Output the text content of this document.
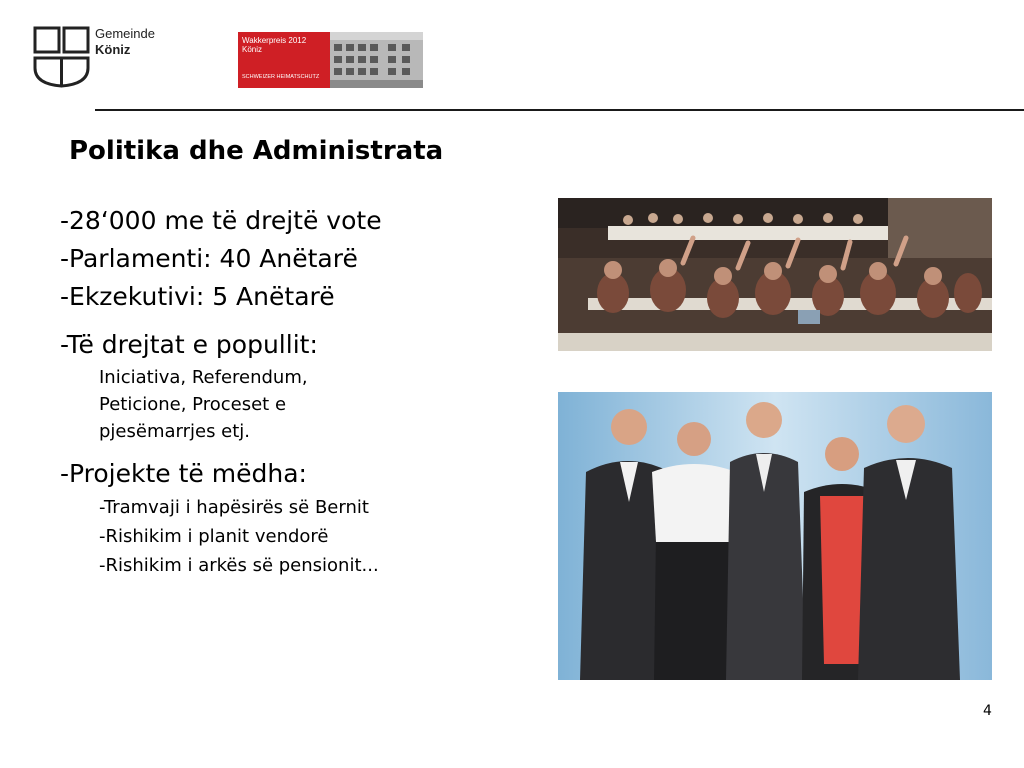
Gemeinde
Köniz
Wakkerpreis 2012
Köniz
SCHWEIZER HEIMATSCHUTZ
Politika dhe Administrata
-28‘000 me të drejtë vote
-Parlamenti: 40 Anëtarë
-Ekzekutivi: 5 Anëtarë
-Të drejtat e popullit:
Iniciativa, Referendum,
Peticione, Proceset e
pjesëmarrjes etj.
-Projekte të mëdha:
-Tramvaji i hapësirës së Bernit
-Rishikim i planit vendorë
-Rishikim i arkës së pensionit...
4
